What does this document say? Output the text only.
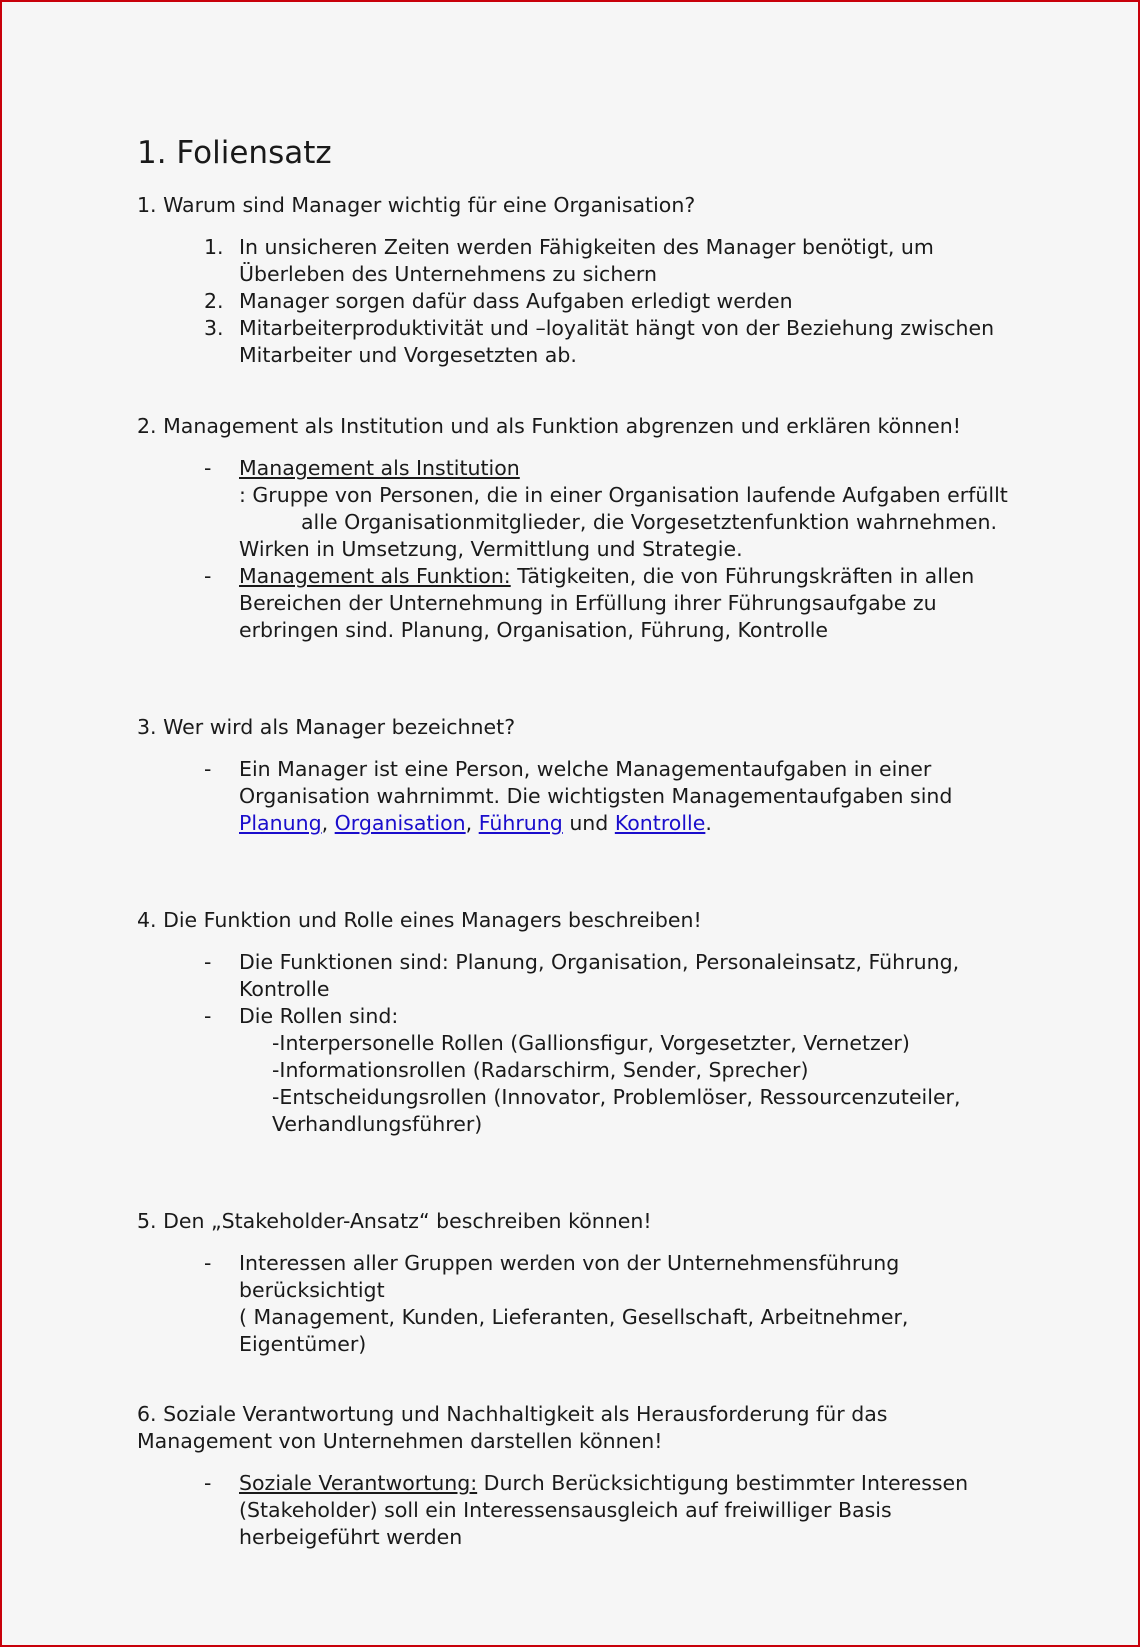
1. Foliensatz
1. Warum sind Manager wichtig für eine Organisation?
1. In unsicheren Zeiten werden Fähigkeiten des Manager benötigt, um Überleben des Unternehmens zu sichern
2. Manager sorgen dafür dass Aufgaben erledigt werden
3. Mitarbeiterproduktivität und –loyalität hängt von der Beziehung zwischen Mitarbeiter und Vorgesetzten ab.
2. Management als Institution und als Funktion abgrenzen und erklären können!
- Management als Institution: Gruppe von Personen, die in einer Organisation laufende Aufgaben erfülltalle Organisationmitglieder, die Vorgesetztenfunktion wahrnehmen. Wirken in Umsetzung, Vermittlung und Strategie.
- Management als Funktion: Tätigkeiten, die von Führungskräften in allen Bereichen der Unternehmung in Erfüllung ihrer Führungsaufgabe zu erbringen sind. Planung, Organisation, Führung, Kontrolle
3. Wer wird als Manager bezeichnet?
- Ein Manager ist eine Person, welche Managementaufgaben in einer Organisation wahrnimmt. Die wichtigsten Managementaufgaben sind Planung, Organisation, Führung und Kontrolle.
4. Die Funktion und Rolle eines Managers beschreiben!
- Die Funktionen sind: Planung, Organisation, Personaleinsatz, Führung, Kontrolle
- Die Rollen sind:
-Interpersonelle Rollen (Gallionsfigur, Vorgesetzter, Vernetzer)
-Informationsrollen (Radarschirm, Sender, Sprecher)
-Entscheidungsrollen (Innovator, Problemlöser, Ressourcenzuteiler, Verhandlungsführer)
5. Den „Stakeholder-Ansatz“ beschreiben können!
- Interessen aller Gruppen werden von der Unternehmensführung berücksichtigt
( Management, Kunden, Lieferanten, Gesellschaft, Arbeitnehmer, Eigentümer)
6. Soziale Verantwortung und Nachhaltigkeit als Herausforderung für das Management von Unternehmen darstellen können!
- Soziale Verantwortung: Durch Berücksichtigung bestimmter Interessen (Stakeholder) soll ein Interessensausgleich auf freiwilliger Basis herbeigeführt werden
